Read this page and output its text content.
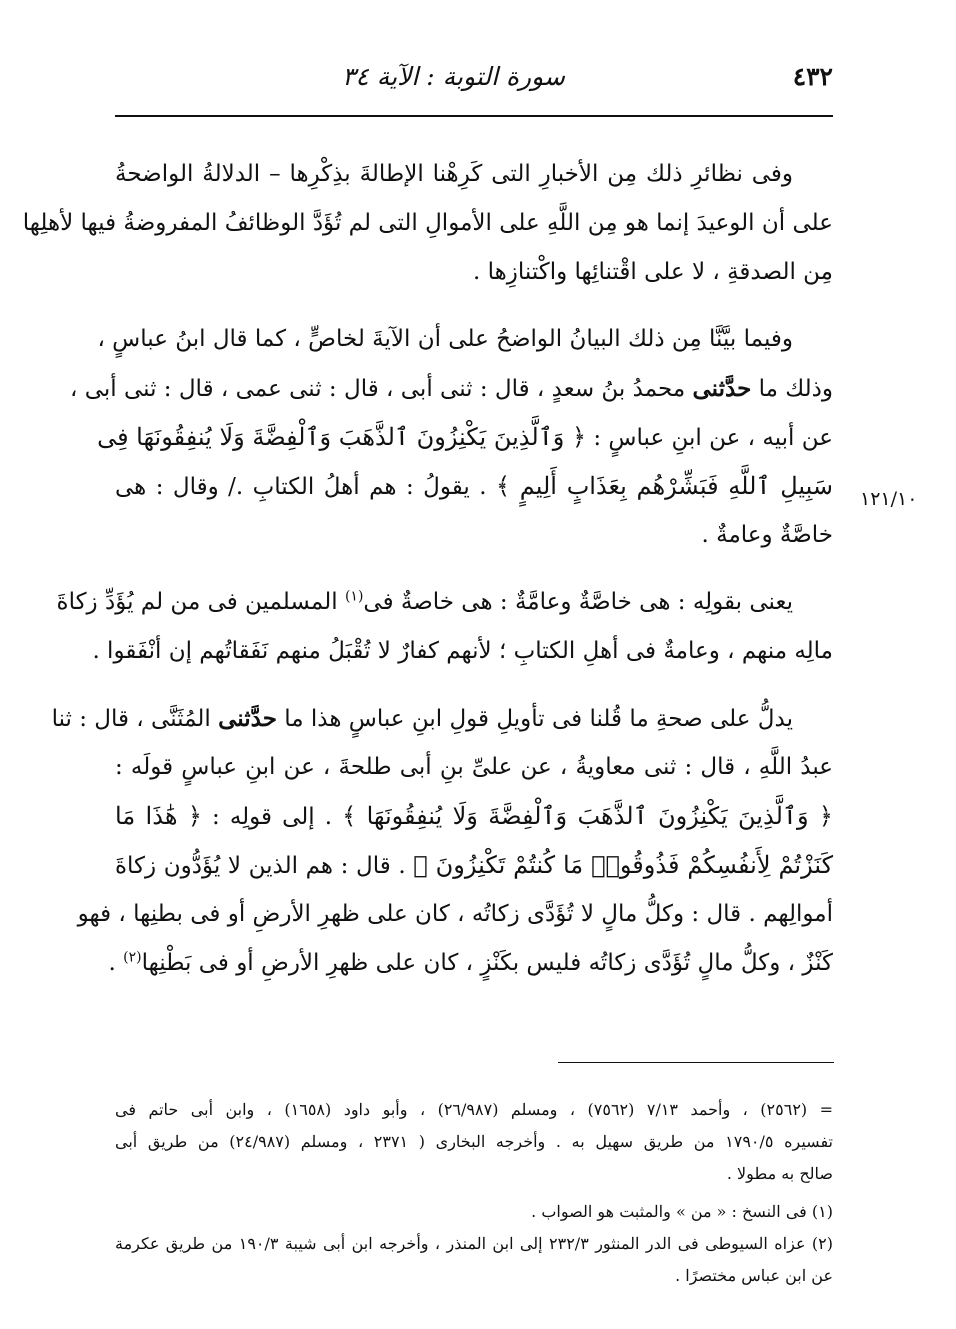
٤٣٢
سورة التوبة : الآية ٣٤
١٢١/١٠
وفى نظائرِ ذلك مِن الأخبارِ التى كَرِهْنا الإطالةَ بذِكْرِها – الدلالةُ الواضحةُ
على أن الوعيدَ إنما هو مِن اللَّهِ على الأموالِ التى لم تُؤَدَّ الوظائفُ المفروضةُ فيها لأهلِها
مِن الصدقةِ ، لا على اقْتنائِها واكْتنازِها .
وفيما بيَّنَّا مِن ذلك البيانُ الواضحُ على أن الآيةَ لخاصٍّ ، كما قال ابنُ عباسٍ ،
وذلك ما حدَّثنى محمدُ بنُ سعدٍ ، قال : ثنى أبى ، قال : ثنى عمى ، قال : ثنى أبى ،
عن أبيه ، عن ابنِ عباسٍ : ﴿ وَٱلَّذِينَ يَكْنِزُونَ ٱلذَّهَبَ وَٱلْفِضَّةَ وَلَا يُنفِقُونَهَا فِى
سَبِيلِ ٱللَّهِ فَبَشِّرْهُم بِعَذَابٍ أَلِيمٍ ﴾ . يقولُ : هم أهلُ الكتابِ ./ وقال : هى
خاصَّةٌ وعامةٌ .
يعنى بقولِه : هى خاصَّةٌ وعامَّةٌ : هى خاصةٌ فى$^{(١)}$ المسلمين فى من لم يُؤَدِّ زكاةَ
مالِه منهم ، وعامةٌ فى أهلِ الكتابِ ؛ لأنهم كفارٌ لا تُقْبَلُ منهم نَفَقاتُهم إن أنْفَقوا .
يدلُّ على صحةِ ما قُلنا فى تأويلِ قولِ ابنِ عباسٍ هذا ما حدَّثنى المُثَنَّى ، قال : ثنا
عبدُ اللَّهِ ، قال : ثنى معاويةُ ، عن علىِّ بنِ أبى طلحةَ ، عن ابنِ عباسٍ قولَه :
﴿ وَٱلَّذِينَ يَكْنِزُونَ ٱلذَّهَبَ وَٱلْفِضَّةَ وَلَا يُنفِقُونَهَا ﴾ . إلى قولِه : ﴿ هَٰذَا مَا
كَنَزْتُمْ لِأَنفُسِكُمْ فَذُوقُوا۟ مَا كُنتُمْ تَكْنِزُونَ ﴾ . قال : هم الذين لا يُؤَدُّون زكاةَ
أموالِهم . قال : وكلُّ مالٍ لا تُؤَدَّى زكاتُه ، كان على ظهرِ الأرضِ أو فى بطنِها ، فهو
كَنْزٌ ، وكلُّ مالٍ تُؤَدَّى زكاتُه فليس بكَنْزٍ ، كان على ظهرِ الأرضِ أو فى بَطْنِها$^{(٢)}$ .
= (٢٥٦٢) ، وأحمد ٧/١٣ (٧٥٦٢) ، ومسلم (٢٦/٩٨٧) ، وأبو داود (١٦٥٨) ، وابن أبى حاتم فى
تفسيره ١٧٩٠/٥ من طريق سهيل به . وأخرجه البخارى ( ٢٣٧١ ، ومسلم (٢٤/٩٨٧) من طريق أبى
صالح به مطولا .
(١) فى النسخ : « من » والمثبت هو الصواب .
(٢) عزاه السيوطى فى الدر المنثور ٢٣٢/٣ إلى ابن المنذر ، وأخرجه ابن أبى شيبة ١٩٠/٣ من طريق عكرمة
عن ابن عباس مختصرًا .
